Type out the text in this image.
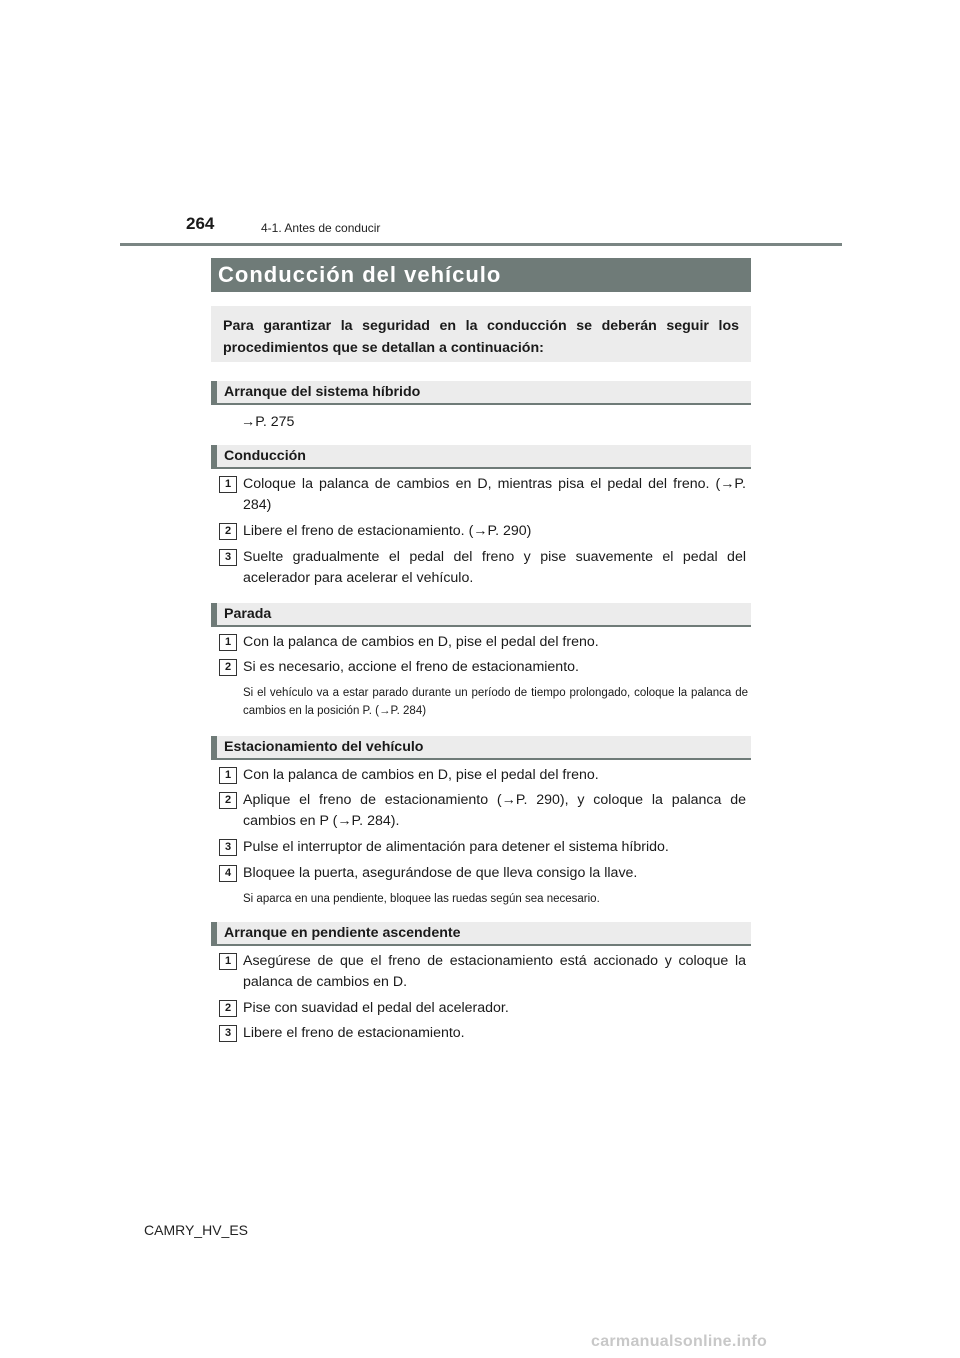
264	4-1. Antes de conducir
Conducción del vehículo
Para garantizar la seguridad en la conducción se deberán seguir los procedimientos que se detallan a continuación:
Arranque del sistema híbrido
→P. 275
Conducción
1 Coloque la palanca de cambios en D, mientras pisa el pedal del freno. (→P. 284)
2 Libere el freno de estacionamiento. (→P. 290)
3 Suelte gradualmente el pedal del freno y pise suavemente el pedal del acelerador para acelerar el vehículo.
Parada
1 Con la palanca de cambios en D, pise el pedal del freno.
2 Si es necesario, accione el freno de estacionamiento.
Si el vehículo va a estar parado durante un período de tiempo prolongado, coloque la palanca de cambios en la posición P. (→P. 284)
Estacionamiento del vehículo
1 Con la palanca de cambios en D, pise el pedal del freno.
2 Aplique el freno de estacionamiento (→P. 290), y coloque la palanca de cambios en P (→P. 284).
3 Pulse el interruptor de alimentación para detener el sistema híbrido.
4 Bloquee la puerta, asegurándose de que lleva consigo la llave.
Si aparca en una pendiente, bloquee las ruedas según sea necesario.
Arranque en pendiente ascendente
1 Asegúrese de que el freno de estacionamiento está accionado y coloque la palanca de cambios en D.
2 Pise con suavidad el pedal del acelerador.
3 Libere el freno de estacionamiento.
CAMRY_HV_ES
carmanualsonline.info
